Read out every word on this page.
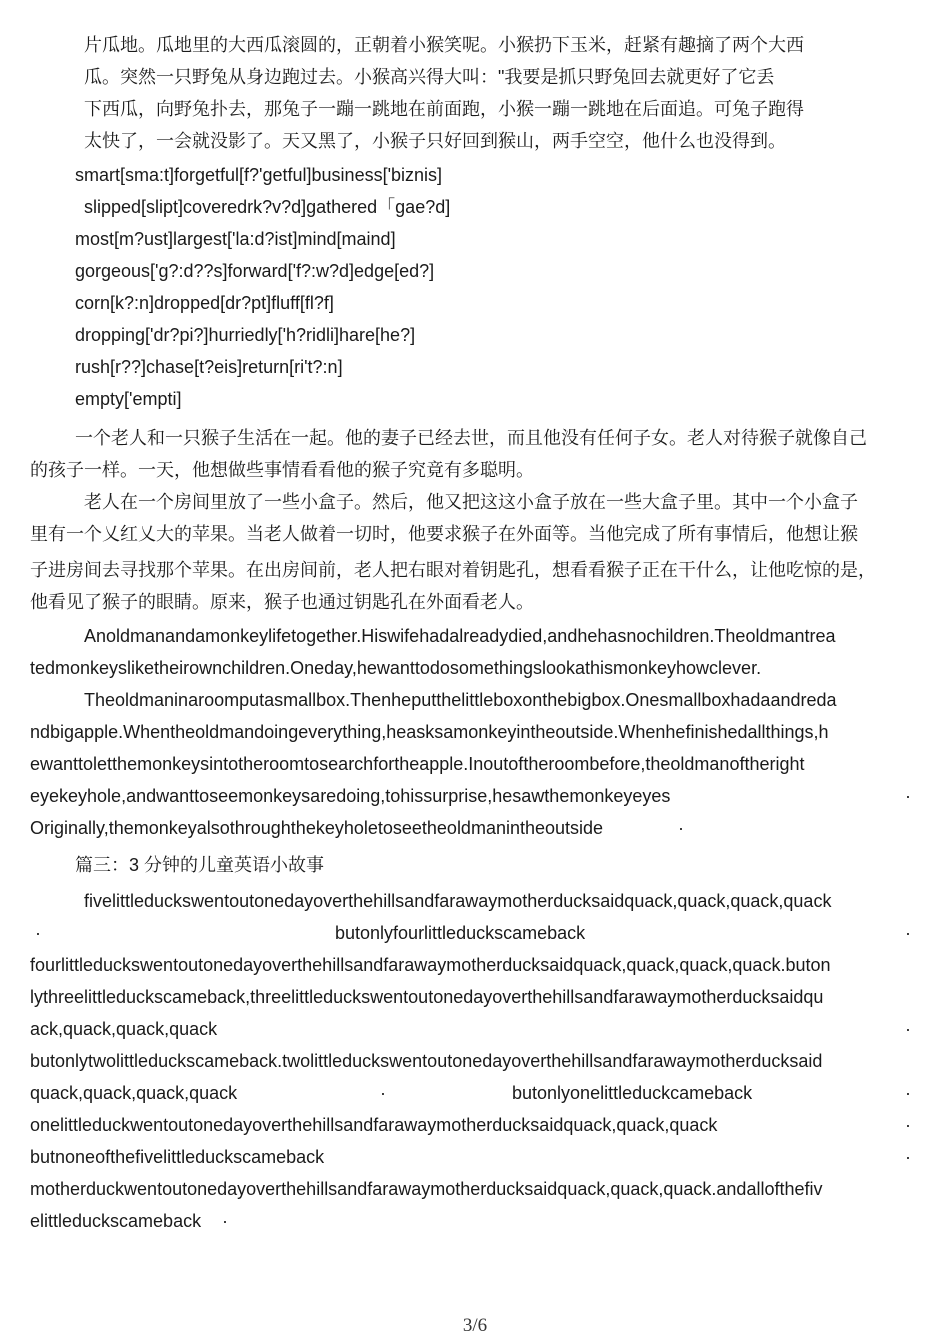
片瓜地。瓜地里的大西瓜滚圆的，正朝着小猴笑呢。小猴扔下玉米，赶紧有趣摘了两个大西
瓜。突然一只野兔从身边跑过去。小猴高兴得大叫："我要是抓只野兔回去就更好了它丢
下西瓜，向野兔扑去，那兔子一蹦一跳地在前面跑，小猴一蹦一跳地在后面追。可兔子跑得
太快了，一会就没影了。天又黑了，小猴子只好回到猴山，两手空空，他什么也没得到。
smart[sma:t]forgetful[f?'getful]business['biznis]
slipped[slipt]coveredrk?v?d]gathered「gae?d]
most[m?ust]largest['la:d?ist]mind[maind]
gorgeous['g?:d??s]forward['f?:w?d]edge[ed?]
corn[k?:n]dropped[dr?pt]fluff[fl?f]
dropping['dr?pi?]hurriedly['h?ridli]hare[he?]
rush[r??]chase[t?eis]return[ri't?:n]
empty['empti]
一个老人和一只猴子生活在一起。他的妻子已经去世，而且他没有任何子女。老人对待猴子就像自己
的孩子一样。一天，他想做些事情看看他的猴子究竟有多聪明。
老人在一个房间里放了一些小盒子。然后，他又把这这小盒子放在一些大盒子里。其中一个小盒子
里有一个乂红乂大的苹果。当老人做着一切时，他要求猴子在外面等。当他完成了所有事情后，他想让猴
子进房间去寻找那个苹果。在出房间前，老人把右眼对着钥匙孔，想看看猴子正在干什么，让他吃惊的是，
他看见了猴子的眼睛。原来，猴子也通过钥匙孔在外面看老人。
Anoldmanandamonkeylifetogether.Hiswifehadalreadydied,andhehasnochildren.Theoldmantrea
tedmonkeysliketheirownchildren.Oneday,hewanttodosomethingslookathismonkeyhowclever.
Theoldmaninaroomputasmallbox.Thenheputthelittleboxonthebigbox.Onesmallboxhadaandreda
ndbigapple.Whentheoldmandoingeverything,heasksamonkeyintheoutside.Whenhefinishedallthings,h
ewanttoletthemonkeysintotheroomtosearchfortheapple.Inoutoftheroombefore,theoldmanoftheright
eyekeyhole,andwanttoseemonkeysaredoing,tohissurprise,hesawthemonkeyeyes	·
Originally,themonkeyalsothroughthekeyholetoseetheoldmanintheoutside	·
篇三：3 分钟的儿童英语小故事
fivelittleduckswentoutonedayoverthehillsandfarawaymotherducksaidquack,quack,quack,quack
·	butonlyfourlittleduckscameback	·
fourlittleduckswentoutonedayoverthehillsandfarawaymotherducksaidquack,quack,quack,quack.buton
lythreelittleduckscameback,threelittleduckswentoutonedayoverthehillsandfarawaymotherducksaidqu
ack,quack,quack,quack	·
butonlytwolittleduckscameback.twolittleduckswentoutonedayoverthehillsandfarawaymotherducksaid
quack,quack,quack,quack	·	butonlyonelittleduckcameback	·
onelittleduckwentoutonedayoverthehillsandfarawaymotherducksaidquack,quack,quack	·
butnoneofthefivelittleduckscameback	·
motherduckwentoutonedayoverthehillsandfarawaymotherducksaidquack,quack,quack.andallofthefiv
elittleduckscameback ·
3/6
